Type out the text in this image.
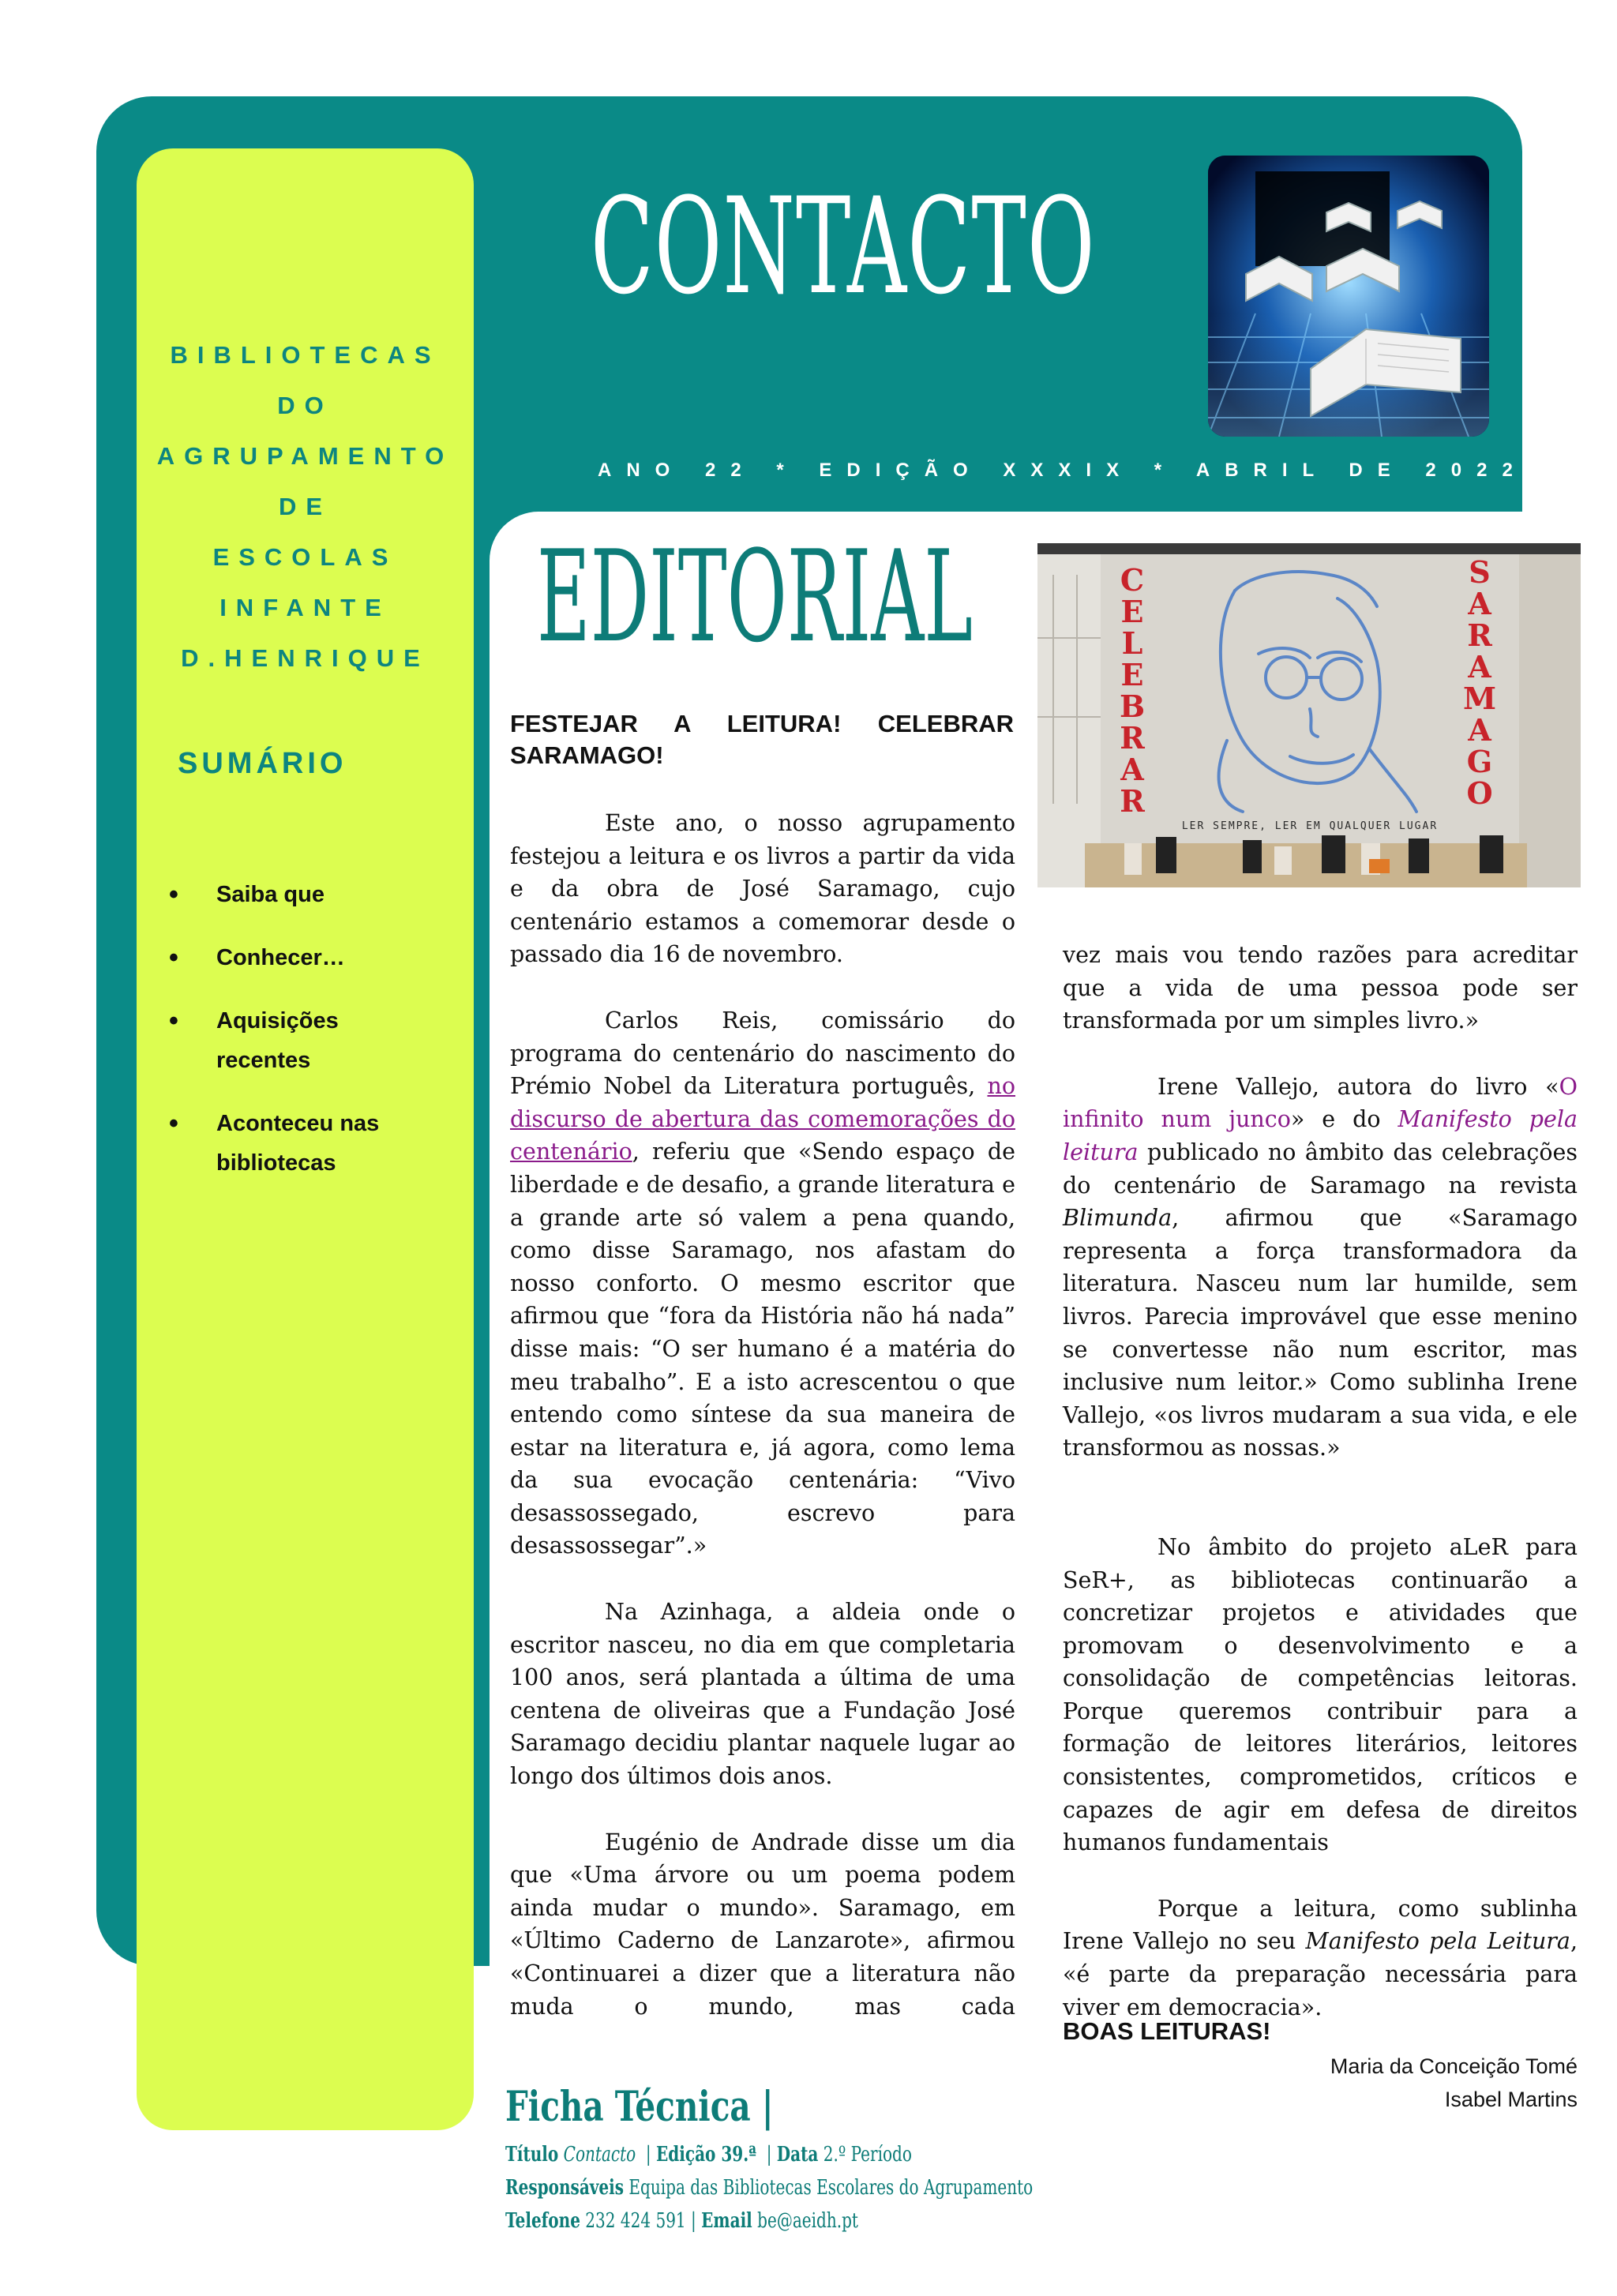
BIBLIOTECAS DO
AGRUPAMENTO DE
ESCOLAS INFANTE
D.HENRIQUE

SUMÁRIO
• Saiba que
• Conhecer…
• Aquisições
recentes
• Aconteceu nas
bibliotecas
CONTACTO

ANO 22 * EDIÇÃO XXXIX * ABRIL DE 2022

EDITORIAL	C
E
L
E
B
R
A
R
S
A
R
A
M
A
G
O
LER SEMPRE, LER EM QUALQUER LUGAR
FESTEJAR A LEITURA! CELEBRAR
SARAMAGO!

Este ano, o nosso agrupamento festejou a leitura e os livros a partir da vida e da obra de José Saramago, cujo centenário estamos a comemorar desde o passado dia 16 de novembro.

Carlos Reis, comissário do programa do centenário do nascimento do Prémio Nobel da Literatura português, no discurso de abertura das comemorações do centenário, referiu que «Sendo espaço de liberdade e de desafio, a grande literatura e a grande arte só valem a pena quando, como disse Saramago, nos afastam do nosso conforto. O mesmo escritor que afirmou que “fora da História não há nada” disse mais: “O ser humano é a matéria do meu trabalho”. E a isto acrescentou o que entendo como síntese da sua maneira de estar na literatura e, já agora, como lema da sua evocação centenária: “Vivo desassossegado, escrevo para desassossegar”.»

Na Azinhaga, a aldeia onde o escritor nasceu, no dia em que completaria 100 anos, será plantada a última de uma centena de oliveiras que a Fundação José Saramago decidiu plantar naquele lugar ao longo dos últimos dois anos.

Eugénio de Andrade disse um dia que «Uma árvore ou um poema podem ainda mudar o mundo». Saramago, em «Último Caderno de Lanzarote», afirmou «Continuarei a dizer que a literatura não muda o mundo, mas cada

vez mais vou tendo razões para acreditar que a vida de uma pessoa pode ser transformada por um simples livro.»

Irene Vallejo, autora do livro «O infinito num junco» e do Manifesto pela leitura publicado no âmbito das celebrações do centenário de Saramago na revista Blimunda, afirmou que «Saramago representa a força transformadora da literatura. Nasceu num lar humilde, sem livros. Parecia improvável que esse menino se convertesse não num escritor, mas inclusive num leitor.» Como sublinha Irene Vallejo, «os livros mudaram a sua vida, e ele transformou as nossas.»

No âmbito do projeto aLeR para SeR+, as bibliotecas continuarão a concretizar projetos e atividades que promovam o desenvolvimento e a consolidação de competências leitoras. Porque queremos contribuir para a formação de leitores literários, leitores consistentes, comprometidos, críticos e capazes de agir em defesa de direitos humanos fundamentais

Porque a leitura, como sublinha Irene Vallejo no seu Manifesto pela Leitura, «é parte da preparação necessária para viver em democracia».

BOAS LEITURAS!

Maria da Conceição Tomé

Isabel Martins

Ficha Técnica |

Título Contacto  | Edição 39.ª  | Data 2.º Período

Responsáveis Equipa das Bibliotecas Escolares do Agrupamento

Telefone 232 424 591 | Email be@aeidh.pt
